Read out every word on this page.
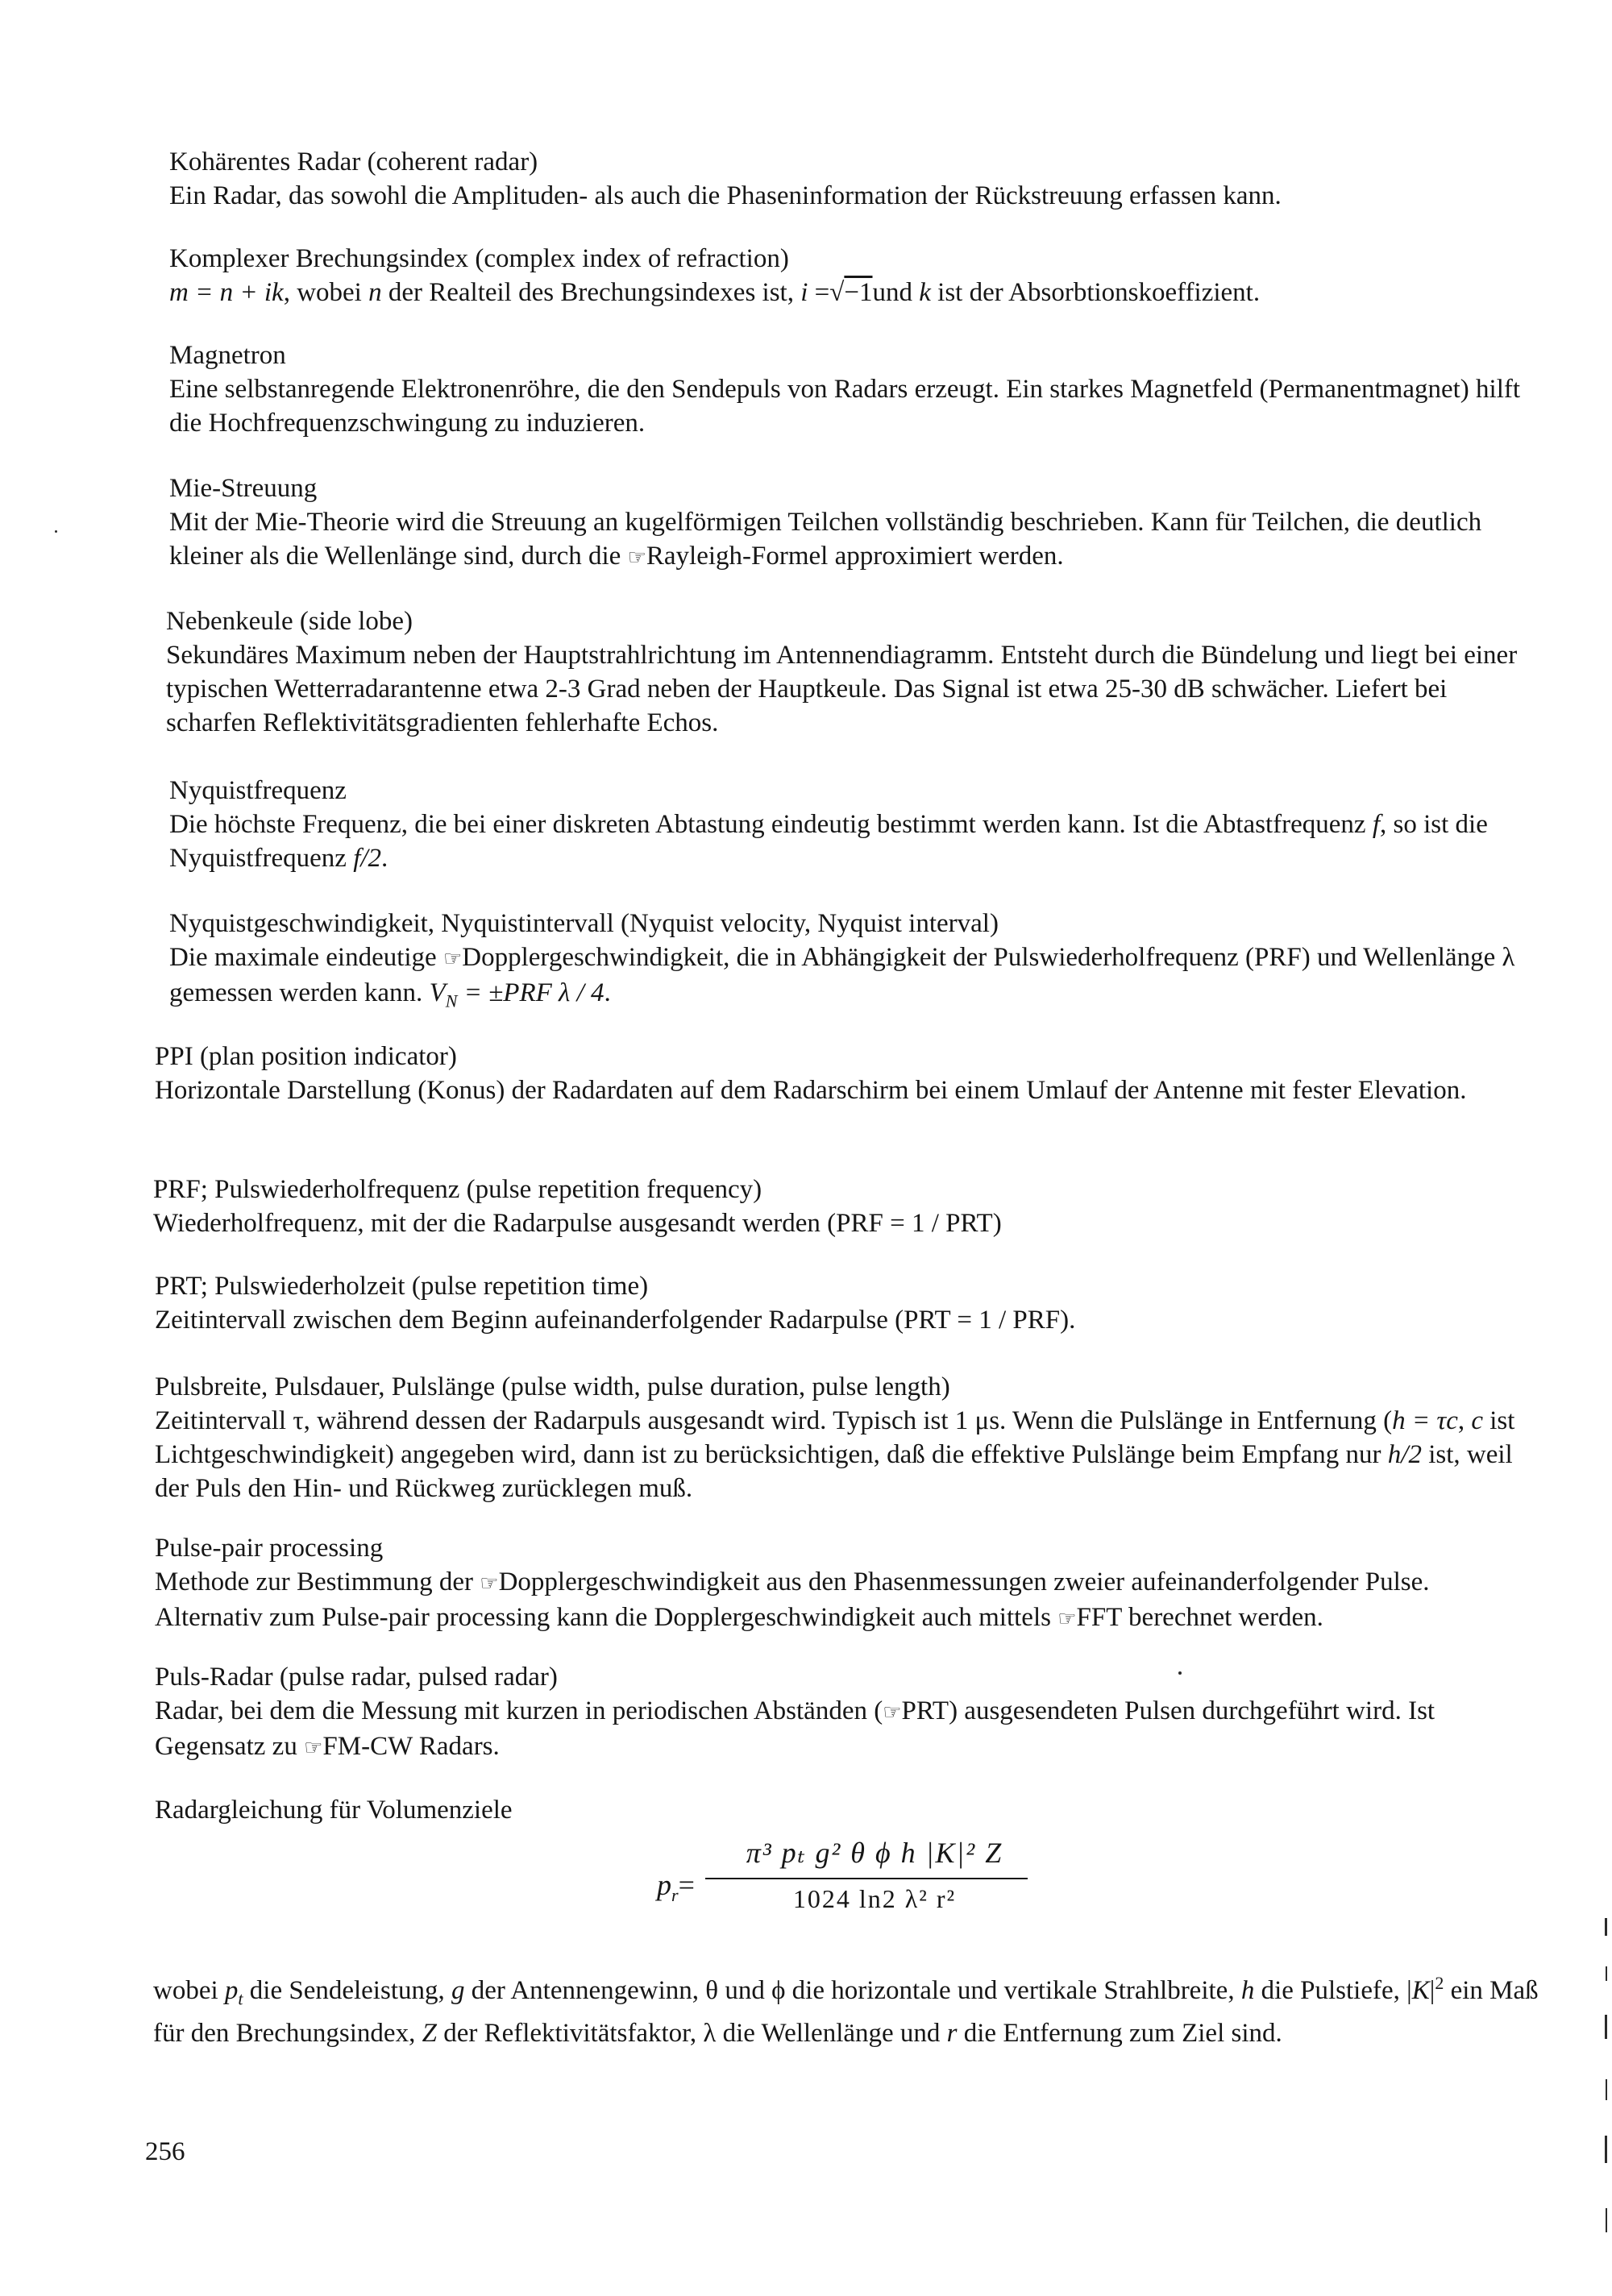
Kohärentes Radar (coherent radar)
Ein Radar, das sowohl die Amplituden- als auch die Phaseninformation der Rückstreuung erfassen kann.
Komplexer Brechungsindex (complex index of refraction)
m = n + ik, wobei n der Realteil des Brechungsindexes ist, i =√−1und k ist der Absorbtionskoeffizient.
Magnetron
Eine selbstanregende Elektronenröhre, die den Sendepuls von Radars erzeugt. Ein starkes Magnetfeld (Permanentmagnet) hilft die Hochfrequenzschwingung zu induzieren.
Mie-Streuung
Mit der Mie-Theorie wird die Streuung an kugelförmigen Teilchen vollständig beschrieben. Kann für Teilchen, die deutlich kleiner als die Wellenlänge sind, durch die ☞Rayleigh-Formel approximiert werden.
Nebenkeule (side lobe)
Sekundäres Maximum neben der Hauptstrahlrichtung im Antennendiagramm. Entsteht durch die Bündelung und liegt bei einer typischen Wetterradarantenne etwa 2-3 Grad neben der Hauptkeule. Das Signal ist etwa 25-30 dB schwächer. Liefert bei scharfen Reflektivitätsgradienten fehlerhafte Echos.
Nyquistfrequenz
Die höchste Frequenz, die bei einer diskreten Abtastung eindeutig bestimmt werden kann. Ist die Abtastfrequenz f, so ist die Nyquistfrequenz f/2.
Nyquistgeschwindigkeit, Nyquistintervall (Nyquist velocity, Nyquist interval)
Die maximale eindeutige ☞Dopplergeschwindigkeit, die in Abhängigkeit der Pulswiederholfrequenz (PRF) und Wellenlänge λ gemessen werden kann. $V_N = \pm PRF$ λ / 4.
PPI (plan position indicator)
Horizontale Darstellung (Konus) der Radardaten auf dem Radarschirm bei einem Umlauf der Antenne mit fester Elevation.
PRF; Pulswiederholfrequenz (pulse repetition frequency)
Wiederholfrequenz, mit der die Radarpulse ausgesandt werden (PRF = 1 / PRT)
PRT; Pulswiederholzeit (pulse repetition time)
Zeitintervall zwischen dem Beginn aufeinanderfolgender Radarpulse (PRT = 1 / PRF).
Pulsbreite, Pulsdauer, Pulslänge (pulse width, pulse duration, pulse length)
Zeitintervall τ, während dessen der Radarpuls ausgesandt wird. Typisch ist 1 μs. Wenn die Pulslänge in Entfernung (h = τc, c ist Lichtgeschwindigkeit) angegeben wird, dann ist zu berücksichtigen, daß die effektive Pulslänge beim Empfang nur h/2 ist, weil der Puls den Hin- und Rückweg zurücklegen muß.
Pulse-pair processing
Methode zur Bestimmung der ☞Dopplergeschwindigkeit aus den Phasenmessungen zweier aufeinanderfolgender Pulse. Alternativ zum Pulse-pair processing kann die Dopplergeschwindigkeit auch mittels ☞FFT berechnet werden.
Puls-Radar (pulse radar, pulsed radar)
Radar, bei dem die Messung mit kurzen in periodischen Abständen (☞PRT) ausgesendeten Pulsen durchgeführt wird. Ist Gegensatz zu ☞FM-CW Radars.
Radargleichung für Volumenziele
$p_r=$
π³ pₜ g² θ ϕ h |K|² Z
1024 ln2 λ² r²
wobei $p_t$ die Sendeleistung, g der Antennengewinn, θ und ϕ die horizontale und vertikale Strahlbreite, h die Pulstiefe, $|K|^2$ ein Maß für den Brechungsindex, Z der Reflektivitätsfaktor, λ die Wellenlänge und r die Entfernung zum Ziel sind.
256
